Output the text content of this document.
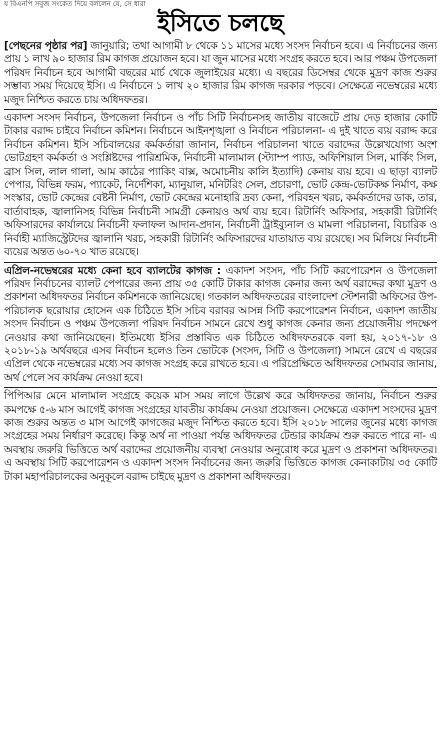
য বিএনপি সবুজ সংকেত দিয়ে বললেন যে, সে ধারা
ইসিতে চলছে

[পেছনের পৃষ্ঠার পর] জানুয়ারি; তথা আগামী ৮ থেকে ১১ মাসের মধ্যে সংসদ নির্বাচন হবে। এ নির্বাচনের জন্য প্রায় ১ লাখ ৯০ হাজার রিম কাগজ প্রয়োজন হবে। যা জুন মাসের মধ্যে সংগ্রহ করতে হবে। আর পঞ্চম উপজেলা পরিষদ নির্বাচন হবে আগামী বছরের মার্চ থেকে জুলাইয়ের মধ্যে। এ বছরের ডিসেম্বর থেকে মুদ্রণ কাজ শুরুর সম্ভাব্য সময় দিয়েছে ইসি। এ নির্বাচনে ১ লাখ ২০ হাজার রিম কাগজ দরকার পড়বে। সেক্ষেত্রে নভেম্বরের মধ্যে মজুদ নিশ্চিত করতে চায় অধিদফতর।

একাদশ সংসদ নির্বাচন, উপজেলা নির্বাচন ও পাঁচ সিটি নির্বাচনসহ জাতীয় বাজেটে প্রায় দেড় হাজার কোটি টাকার বরাদ্দ চাইবে নির্বাচন কমিশন। নির্বাচনে আইনশৃঙ্খলা ও নির্বাচন পরিচালনা- এ দুই খাতে ব্যয় বরাদ্দ করে নির্বাচন কমিশন। ইসি সচিবালয়ের কর্মকর্তারা জানান, নির্বাচন পরিচালনা খাতে বরাদ্দের উল্লেখযোগ্য অংশ ভোটগ্রহণ কর্মকর্তা ও সংশ্লিষ্টদের পারিশ্রমিক, নির্বাচনী মালামাল (স্ট্যাম্প প্যাড, অফিশিয়াল সিল, মার্কিং সিল, ব্রাস সিল, লাল গালা, আম কাঠের প্যাকিং বাক্স, অমোচনীয় কালি ইত্যাদি) কেনায় ব্যয় হবে। এ ছাড়া ব্যালট পেপার, বিভিন্ন ফরম, প্যাকেট, নির্দেশিকা, ম্যানুয়াল, মনিটরিং সেল, প্রচারণা, ভোট কেন্দ্র-ভোটকক্ষ নির্মাণ, কক্ষ সংস্কার, ভোট কেন্দ্রের বেষ্টনী নির্মাণ, ভোট কেন্দ্রের মনোহারি দ্রব্য কেনা, পরিবহন খরচ, কর্মকর্তাদের ডাক, তার, বার্তাবাহক, জ্বালানিসহ বিভিন্ন নির্বাচনী সামগ্রী কেনায়ও অর্থ ব্যয় হবে। রিটার্নিং অফিসার, সহকারী রিটার্নিং অফিসারদের কার্যালয়ে নির্বাচনী ফলাফল আদান-প্রদান, নির্বাচনী ট্রাইব্যুনাল ও মামলা পরিচালনা, বিচারিক ও নির্বাহী ম্যাজিস্ট্রেটদের জ্বালানি খরচ, সহকারী রিটার্নিং অফিসারদের যাতায়াত ব্যয় রয়েছে। সব মিলিয়ে নির্বাচনী ব্যয়ের অন্তত ৬০-৭০ খাত রয়েছে।

এপ্রিল-নভেম্বরের মধ্যে কেনা হবে ব্যালটের কাগজ : একাদশ সংসদ, পাঁচ সিটি করপোরেশন ও উপজেলা পরিষদ নির্বাচনের ব্যালট পেপারের জন্য প্রায় ৩৫ কোটি টাকার কাগজ কেনার জন্য অর্থ বরাদ্দের কথা মুদ্রণ ও প্রকাশনা অধিদফতর নির্বাচন কমিশনকে জানিয়েছে। গতকাল অধিদফতরের বাংলাদেশ স্টেশনারী অফিসের উপ-পরিচালক ছরোয়ার হোসেন এক চিঠিতে ইসি সচিব বরাবর আসন্ন সিটি করপোরেশন নির্বাচন, একাদশ জাতীয় সংসদ নির্বাচন ও পঞ্চম উপজেলা পরিষদ নির্বাচন সামনে রেখে শুধু কাগজ কেনার জন্য প্রয়োজনীয় পদক্ষেপ নেওয়ার কথা জানিয়েছেন। ইতিমধ্যে ইসির প্রস্তাবিত এক চিঠিতে অধিদফতরকে বলা হয়, ২০১৭-১৮ ও ২০১৮-১৯ অর্থবছরে এসব নির্বাচন হলেও তিন ভোটকে (সংসদ, সিটি ও উপজেলা) সামনে রেখে এ বছরের এপ্রিল থেকে নভেম্বরের মধ্যে সব কাগজ সংগ্রহ করে রাখতে হবে। এ পরিপ্রেক্ষিতে অধিদফতর সোমবার জানায়, অর্থ পেলে সব কার্যক্রম নেওয়া হবে।

পিপিআর মেনে মালামাল সংগ্রহে কয়েক মাস সময় লাগে উল্লেখ করে অধিদফতর জানায়, নির্বাচন শুরুর কমপক্ষে ৫-৬ মাস আগেই কাগজ সংগ্রহের যাবতীয় কার্যক্রম নেওয়া প্রয়োজন। সেক্ষেত্রে একাদশ সংসদের মুদ্রণ কাজ শুরুর অন্তত ৩ মাস আগেই কাগজের মজুদ নিশ্চিত করতে হবে। ইসি ২০১৮ সালের জুনের মধ্যে কাগজ সংগ্রহের সময় নির্ধারণ করেছে। কিন্তু অর্থ না পাওয়া পর্যন্ত অধিদফতর টেন্ডার কার্যক্রম শুরু করতে পারে না- এ অবস্থায় জরুরি ভিত্তিতে অর্থ বরাদ্দের প্রয়োজনীয় ব্যবস্থা নেওয়ার অনুরোধ করে মুদ্রণ ও প্রকাশনা অধিদফতর। এ অবস্থায় সিটি করপোরেশন ও একাদশ সংসদ নির্বাচনের জন্য জরুরি ভিত্তিতে কাগজ কেনাকাটায় ৩৫ কোটি টাকা মহাপরিচালকের অনুকূলে বরাদ্দ চাইছে মুদ্রণ ও প্রকাশনা অধিদফতর।
